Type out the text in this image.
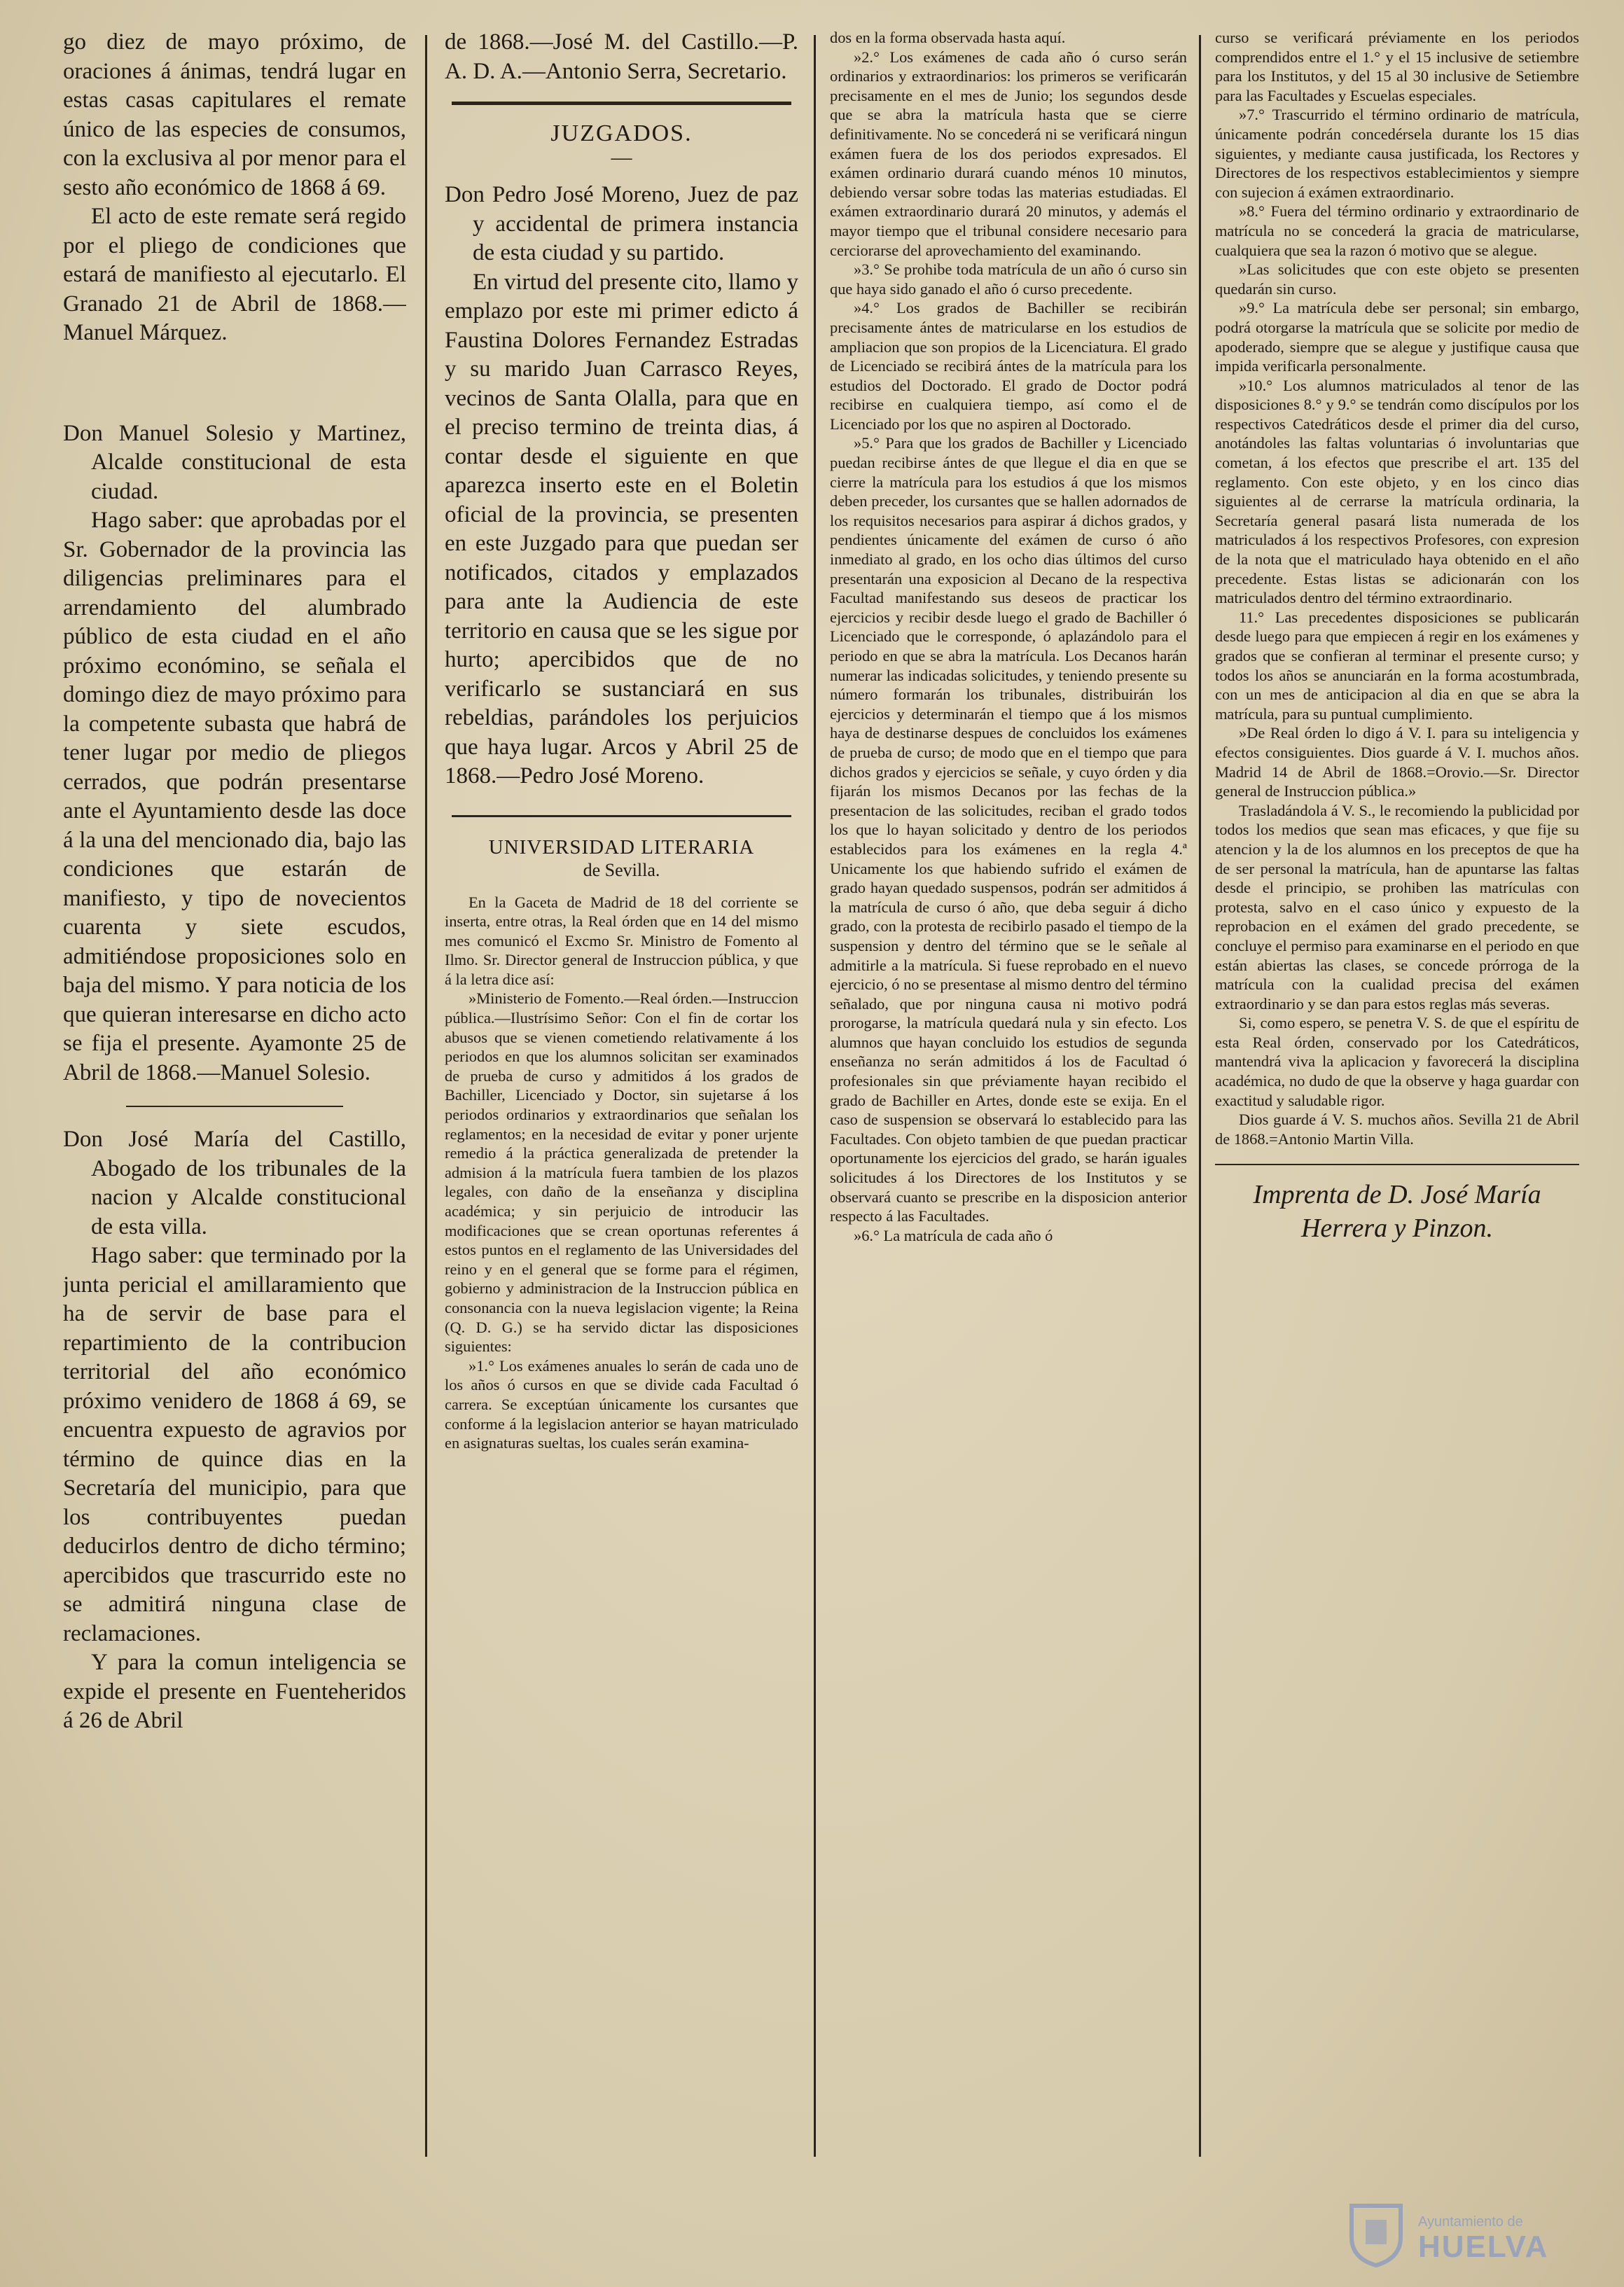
go diez de mayo próximo, de oraciones á ánimas, tendrá lugar en estas casas capitulares el remate único de las especies de consumos, con la exclusiva al por menor para el sesto año económico de 1868 á 69.

El acto de este remate será regido por el pliego de condiciones que estará de manifiesto al ejecutarlo. El Granado 21 de Abril de 1868.—Manuel Márquez.

Don Manuel Solesio y Martinez, Alcalde constitucional de esta ciudad.

Hago saber: que aprobadas por el Sr. Gobernador de la provincia las diligencias preliminares para el arrendamiento del alumbrado público de esta ciudad en el año próximo económino, se señala el domingo diez de mayo próximo para la competente subasta que habrá de tener lugar por medio de pliegos cerrados, que podrán presentarse ante el Ayuntamiento desde las doce á la una del mencionado dia, bajo las condiciones que estarán de manifiesto, y tipo de novecientos cuarenta y siete escudos, admitiéndose proposiciones solo en baja del mismo. Y para noticia de los que quieran interesarse en dicho acto se fija el presente. Ayamonte 25 de Abril de 1868.—Manuel Solesio.

Don José María del Castillo, Abogado de los tribunales de la nacion y Alcalde constitucional de esta villa.

Hago saber: que terminado por la junta pericial el amillaramiento que ha de servir de base para el repartimiento de la contribucion territorial del año económico próximo venidero de 1868 á 69, se encuentra expuesto de agravios por término de quince dias en la Secretaría del municipio, para que los contribuyentes puedan deducirlos dentro de dicho término; apercibidos que trascurrido este no se admitirá ninguna clase de reclamaciones.

Y para la comun inteligencia se expide el presente en Fuenteheridos á 26 de Abril

de 1868.—José M. del Castillo.—P. A. D. A.—Antonio Serra, Secretario.

JUZGADOS.

—

Don Pedro José Moreno, Juez de paz y accidental de primera instancia de esta ciudad y su partido.

En virtud del presente cito, llamo y emplazo por este mi primer edicto á Faustina Dolores Fernandez Estradas y su marido Juan Carrasco Reyes, vecinos de Santa Olalla, para que en el preciso termino de treinta dias, á contar desde el siguiente en que aparezca inserto este en el Boletin oficial de la provincia, se presenten en este Juzgado para que puedan ser notificados, citados y emplazados para ante la Audiencia de este territorio en causa que se les sigue por hurto; apercibidos que de no verificarlo se sustanciará en sus rebeldias, parándoles los perjuicios que haya lugar. Arcos y Abril 25 de 1868.—Pedro José Moreno.

UNIVERSIDAD LITERARIA

de Sevilla.

En la Gaceta de Madrid de 18 del corriente se inserta, entre otras, la Real órden que en 14 del mismo mes comunicó el Excmo Sr. Ministro de Fomento al Ilmo. Sr. Director general de Instruccion pública, y que á la letra dice así:

»Ministerio de Fomento.—Real órden.—Instruccion pública.—Ilustrísimo Señor: Con el fin de cortar los abusos que se vienen cometiendo relativamente á los periodos en que los alumnos solicitan ser examinados de prueba de curso y admitidos á los grados de Bachiller, Licenciado y Doctor, sin sujetarse á los periodos ordinarios y extraordinarios que señalan los reglamentos; en la necesidad de evitar y poner urjente remedio á la práctica generalizada de pretender la admision á la matrícula fuera tambien de los plazos legales, con daño de la enseñanza y disciplina académica; y sin perjuicio de introducir las modificaciones que se crean oportunas referentes á estos puntos en el reglamento de las Universidades del reino y en el general que se forme para el régimen, gobierno y administracion de la Instruccion pública en consonancia con la nueva legislacion vigente; la Reina (Q. D. G.) se ha servido dictar las disposiciones siguientes:

»1.° Los exámenes anuales lo serán de cada uno de los años ó cursos en que se divide cada Facultad ó carrera. Se exceptúan únicamente los cursantes que conforme á la legislacion anterior se hayan matriculado en asignaturas sueltas, los cuales serán examina-

dos en la forma observada hasta aquí.

»2.° Los exámenes de cada año ó curso serán ordinarios y extraordinarios: los primeros se verificarán precisamente en el mes de Junio; los segundos desde que se abra la matrícula hasta que se cierre definitivamente. No se concederá ni se verificará ningun exámen fuera de los dos periodos expresados. El exámen ordinario durará cuando ménos 10 minutos, debiendo versar sobre todas las materias estudiadas. El exámen extraordinario durará 20 minutos, y además el mayor tiempo que el tribunal considere necesario para cerciorarse del aprovechamiento del examinando.

»3.° Se prohibe toda matrícula de un año ó curso sin que haya sido ganado el año ó curso precedente.

»4.° Los grados de Bachiller se recibirán precisamente ántes de matricularse en los estudios de ampliacion que son propios de la Licenciatura. El grado de Licenciado se recibirá ántes de la matrícula para los estudios del Doctorado. El grado de Doctor podrá recibirse en cualquiera tiempo, así como el de Licenciado por los que no aspiren al Doctorado.

»5.° Para que los grados de Bachiller y Licenciado puedan recibirse ántes de que llegue el dia en que se cierre la matrícula para los estudios á que los mismos deben preceder, los cursantes que se hallen adornados de los requisitos necesarios para aspirar á dichos grados, y pendientes únicamente del exámen de curso ó año inmediato al grado, en los ocho dias últimos del curso presentarán una exposicion al Decano de la respectiva Facultad manifestando sus deseos de practicar los ejercicios y recibir desde luego el grado de Bachiller ó Licenciado que le corresponde, ó aplazándolo para el periodo en que se abra la matrícula. Los Decanos harán numerar las indicadas solicitudes, y teniendo presente su número formarán los tribunales, distribuirán los ejercicios y determinarán el tiempo que á los mismos haya de destinarse despues de concluidos los exámenes de prueba de curso; de modo que en el tiempo que para dichos grados y ejercicios se señale, y cuyo órden y dia fijarán los mismos Decanos por las fechas de la presentacion de las solicitudes, reciban el grado todos los que lo hayan solicitado y dentro de los periodos establecidos para los exámenes en la regla 4.ª Unicamente los que habiendo sufrido el exámen de grado hayan quedado suspensos, podrán ser admitidos á la matrícula de curso ó año, que deba seguir á dicho grado, con la protesta de recibirlo pasado el tiempo de la suspension y dentro del término que se le señale al admitirle a la matrícula. Si fuese reprobado en el nuevo ejercicio, ó no se presentase al mismo dentro del término señalado, que por ninguna causa ni motivo podrá prorogarse, la matrícula quedará nula y sin efecto. Los alumnos que hayan concluido los estudios de segunda enseñanza no serán admitidos á los de Facultad ó profesionales sin que préviamente hayan recibido el grado de Bachiller en Artes, donde este se exija. En el caso de suspension se observará lo establecido para las Facultades. Con objeto tambien de que puedan practicar oportunamente los ejercicios del grado, se harán iguales solicitudes á los Directores de los Institutos y se observará cuanto se prescribe en la disposicion anterior respecto á las Facultades.

»6.° La matrícula de cada año ó

curso se verificará préviamente en los periodos comprendidos entre el 1.° y el 15 inclusive de setiembre para los Institutos, y del 15 al 30 inclusive de Setiembre para las Facultades y Escuelas especiales.

»7.° Trascurrido el término ordinario de matrícula, únicamente podrán concedérsela durante los 15 dias siguientes, y mediante causa justificada, los Rectores y Directores de los respectivos establecimientos y siempre con sujecion á exámen extraordinario.

»8.° Fuera del término ordinario y extraordinario de matrícula no se concederá la gracia de matricularse, cualquiera que sea la razon ó motivo que se alegue.

»Las solicitudes que con este objeto se presenten quedarán sin curso.

»9.° La matrícula debe ser personal; sin embargo, podrá otorgarse la matrícula que se solicite por medio de apoderado, siempre que se alegue y justifique causa que impida verificarla personalmente.

»10.° Los alumnos matriculados al tenor de las disposiciones 8.° y 9.° se tendrán como discípulos por los respectivos Catedráticos desde el primer dia del curso, anotándoles las faltas voluntarias ó involuntarias que cometan, á los efectos que prescribe el art. 135 del reglamento. Con este objeto, y en los cinco dias siguientes al de cerrarse la matrícula ordinaria, la Secretaría general pasará lista numerada de los matriculados á los respectivos Profesores, con expresion de la nota que el matriculado haya obtenido en el año precedente. Estas listas se adicionarán con los matriculados dentro del término extraordinario.

11.° Las precedentes disposiciones se publicarán desde luego para que empiecen á regir en los exámenes y grados que se confieran al terminar el presente curso; y todos los años se anunciarán en la forma acostumbrada, con un mes de anticipacion al dia en que se abra la matrícula, para su puntual cumplimiento.

»De Real órden lo digo á V. I. para su inteligencia y efectos consiguientes. Dios guarde á V. I. muchos años. Madrid 14 de Abril de 1868.=Orovio.—Sr. Director general de Instruccion pública.»

Trasladándola á V. S., le recomiendo la publicidad por todos los medios que sean mas eficaces, y que fije su atencion y la de los alumnos en los preceptos de que ha de ser personal la matrícula, han de apuntarse las faltas desde el principio, se prohiben las matrículas con protesta, salvo en el caso único y expuesto de la reprobacion en el exámen del grado precedente, se concluye el permiso para examinarse en el periodo en que están abiertas las clases, se concede prórroga de la matrícula con la cualidad precisa del exámen extraordinario y se dan para estos reglas más severas.

Si, como espero, se penetra V. S. de que el espíritu de esta Real órden, conservado por los Catedráticos, mantendrá viva la aplicacion y favorecerá la disciplina académica, no dudo de que la observe y haga guardar con exactitud y saludable rigor.

Dios guarde á V. S. muchos años. Sevilla 21 de Abril de 1868.=Antonio Martin Villa.

Imprenta de D. José María

Herrera y Pinzon.

Ayuntamiento de
HUELVA
